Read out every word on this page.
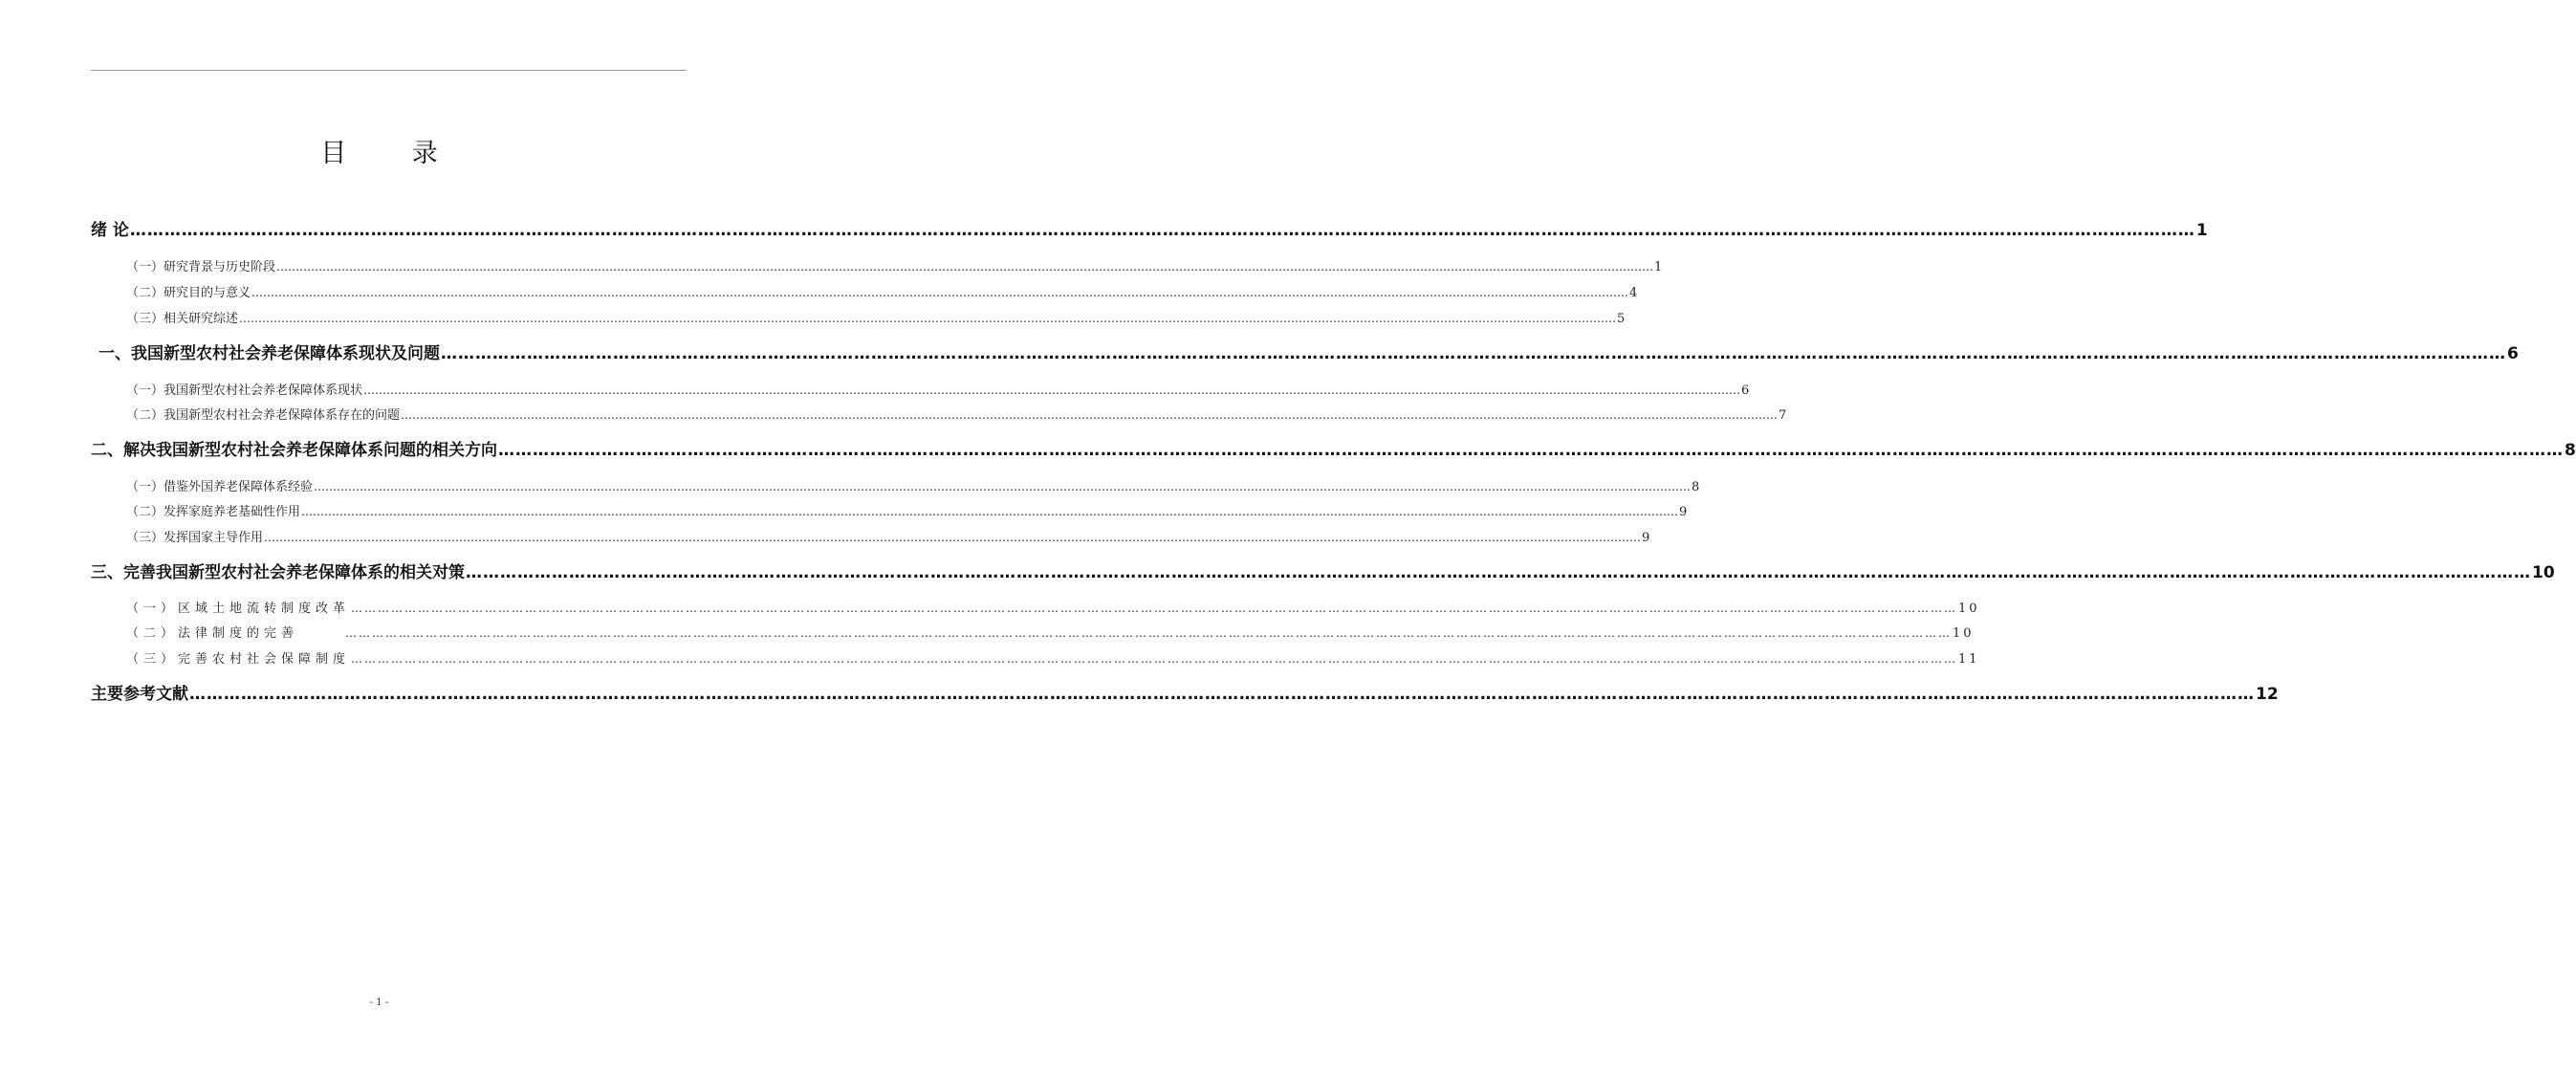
目 录
绪 论 ……………………………………………………………………………………………………………………………………………………………………………………………………………………………………………………………………………………………………………………………… 1
（一）研究背景与历史阶段 ……………………………………………………………………………………………………………………………………………………………………………………………………………………………………………………………………………………………………………………………… 1
（二）研究目的与意义 ……………………………………………………………………………………………………………………………………………………………………………………………………………………………………………………………………………………………………………………………… 4
（三）相关研究综述 ……………………………………………………………………………………………………………………………………………………………………………………………………………………………………………………………………………………………………………………………… 5
一、我国新型农村社会养老保障体系现状及问题 ……………………………………………………………………………………………………………………………………………………………………………………………………………………………………………………………………………………………………………………………… 6
（一）我国新型农村社会养老保障体系现状 ……………………………………………………………………………………………………………………………………………………………………………………………………………………………………………………………………………………………………………………………… 6
（二）我国新型农村社会养老保障体系存在的问题 ……………………………………………………………………………………………………………………………………………………………………………………………………………………………………………………………………………………………………………………………… 7
二、解决我国新型农村社会养老保障体系问题的相关方向 ……………………………………………………………………………………………………………………………………………………………………………………………………………………………………………………………………………………………………………………………… 8
（一）借鉴外国养老保障体系经验 ……………………………………………………………………………………………………………………………………………………………………………………………………………………………………………………………………………………………………………………………… 8
（二）发挥家庭养老基础性作用 ……………………………………………………………………………………………………………………………………………………………………………………………………………………………………………………………………………………………………………………………… 9
（三）发挥国家主导作用 ……………………………………………………………………………………………………………………………………………………………………………………………………………………………………………………………………………………………………………………………… 9
三、完善我国新型农村社会养老保障体系的相关对策 ……………………………………………………………………………………………………………………………………………………………………………………………………………………………………………………………………………………………………………………………… 10
（一）区域土地流转制度改革 ……………………………………………………………………………………………………………………………………………………………………………………………………………………………………………………………………………………………………………………………… 10
（二）法律制度的完善	……………………………………………………………………………………………………………………………………………………………………………………………………………………………………………………………………………………………………………………………… 10
（三）完善农村社会保障制度 ……………………………………………………………………………………………………………………………………………………………………………………………………………………………………………………………………………………………………………………………… 11
主要参考文献 ……………………………………………………………………………………………………………………………………………………………………………………………………………………………………………………………………………………………………………………………… 12
- 1 -
